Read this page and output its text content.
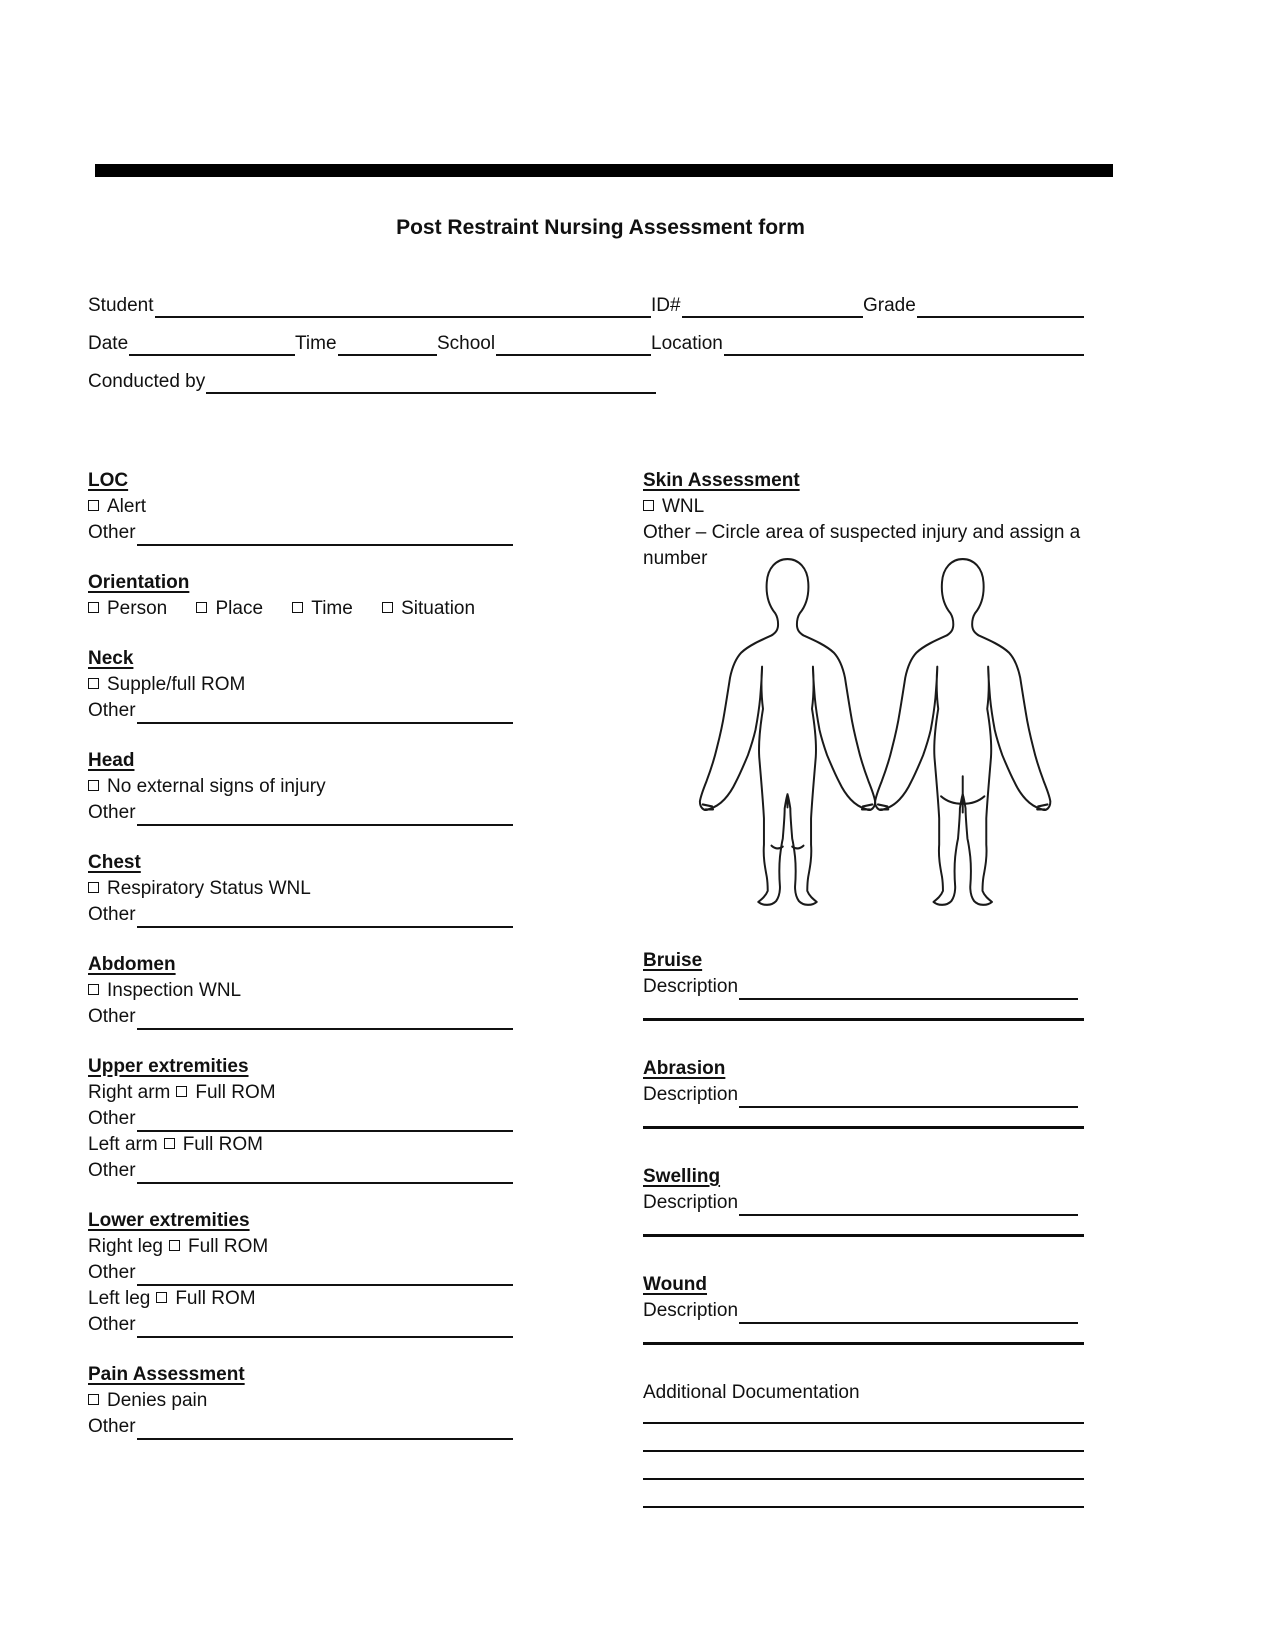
Post Restraint Nursing Assessment form
Student	ID#	Grade
Date	Time	School	Location
Conducted by
LOC
Alert
Other
Orientation
Person	Place	Time	Situation
Neck
Supple/full ROM
Other
Head
No external signs of injury
Other
Chest
Respiratory Status WNL
Other
Abdomen
Inspection WNL
Other
Upper extremities
Right arm Full ROM
Other
Left arm Full ROM
Other
Lower extremities
Right leg Full ROM
Other
Left leg Full ROM
Other
Pain Assessment
Denies pain
Other
Skin Assessment
WNL
Other – Circle area of suspected injury and assign a number
Bruise
Description
Abrasion
Description
Swelling
Description
Wound
Description
Additional Documentation
